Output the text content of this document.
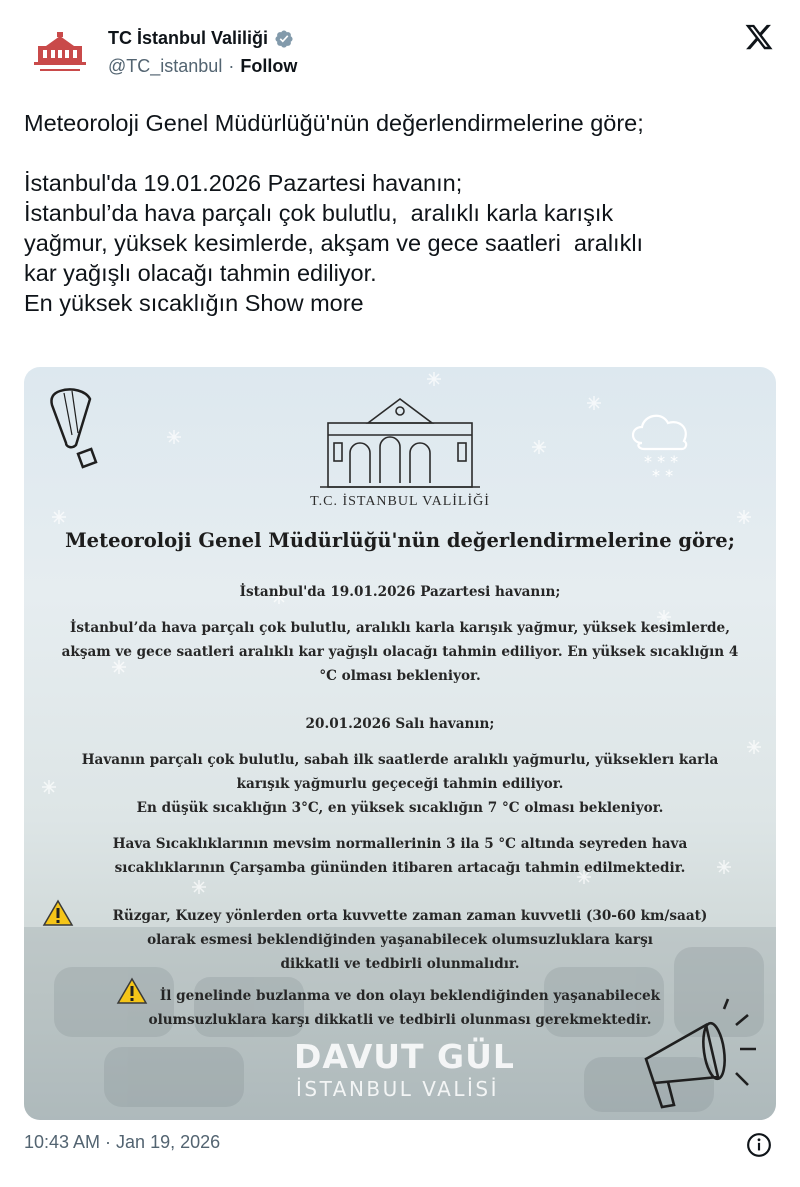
TC İstanbul Valiliği
@TC_istanbul · Follow

Meteoroloji Genel Müdürlüğü'nün değerlendirmelerine göre;

İstanbul'da 19.01.2026 Pazartesi havanın;

İstanbul’da hava parçalı çok bulutlu,  aralıklı karla karışık

yağmur, yüksek kesimlerde, akşam ve gece saatleri  aralıklı

kar yağışlı olacağı tahmin ediliyor.

En yüksek sıcaklığın Show more

* * *
* *
T.C. İSTANBUL VALİLİĞİ
Meteoroloji Genel Müdürlüğü'nün değerlendirmelerine göre;
İstanbul'da 19.01.2026 Pazartesi havanın;
İstanbul’da hava parçalı çok bulutlu, aralıklı karla karışık yağmur, yüksek kesimlerde,
akşam ve gece saatleri aralıklı kar yağışlı olacağı tahmin ediliyor. En yüksek sıcaklığın 4
°C olması bekleniyor.
20.01.2026 Salı havanın;
Havanın parçalı çok bulutlu, sabah ilk saatlerde aralıklı yağmurlu, yükseklerı karla
karışık yağmurlu geçeceği tahmin ediliyor.
En düşük sıcaklığın 3°C, en yüksek sıcaklığın 7 °C olması bekleniyor.
Hava Sıcaklıklarının mevsim normallerinin 3 ila 5 °C altında seyreden hava
sıcaklıklarının Çarşamba gününden itibaren artacağı tahmin edilmektedir.
Rüzgar, Kuzey yönlerden orta kuvvette zaman zaman kuvvetli (30-60 km/saat)
olarak esmesi beklendiğinden yaşanabilecek olumsuzluklara karşı
dikkatli ve tedbirli olunmalıdır.
İl genelinde buzlanma ve don olayı beklendiğinden yaşanabilecek
olumsuzluklara karşı dikkatli ve tedbirli olunması gerekmektedir.
DAVUT GÜL
İSTANBUL VALİSİ
10:43 AM · Jan 19, 2026
